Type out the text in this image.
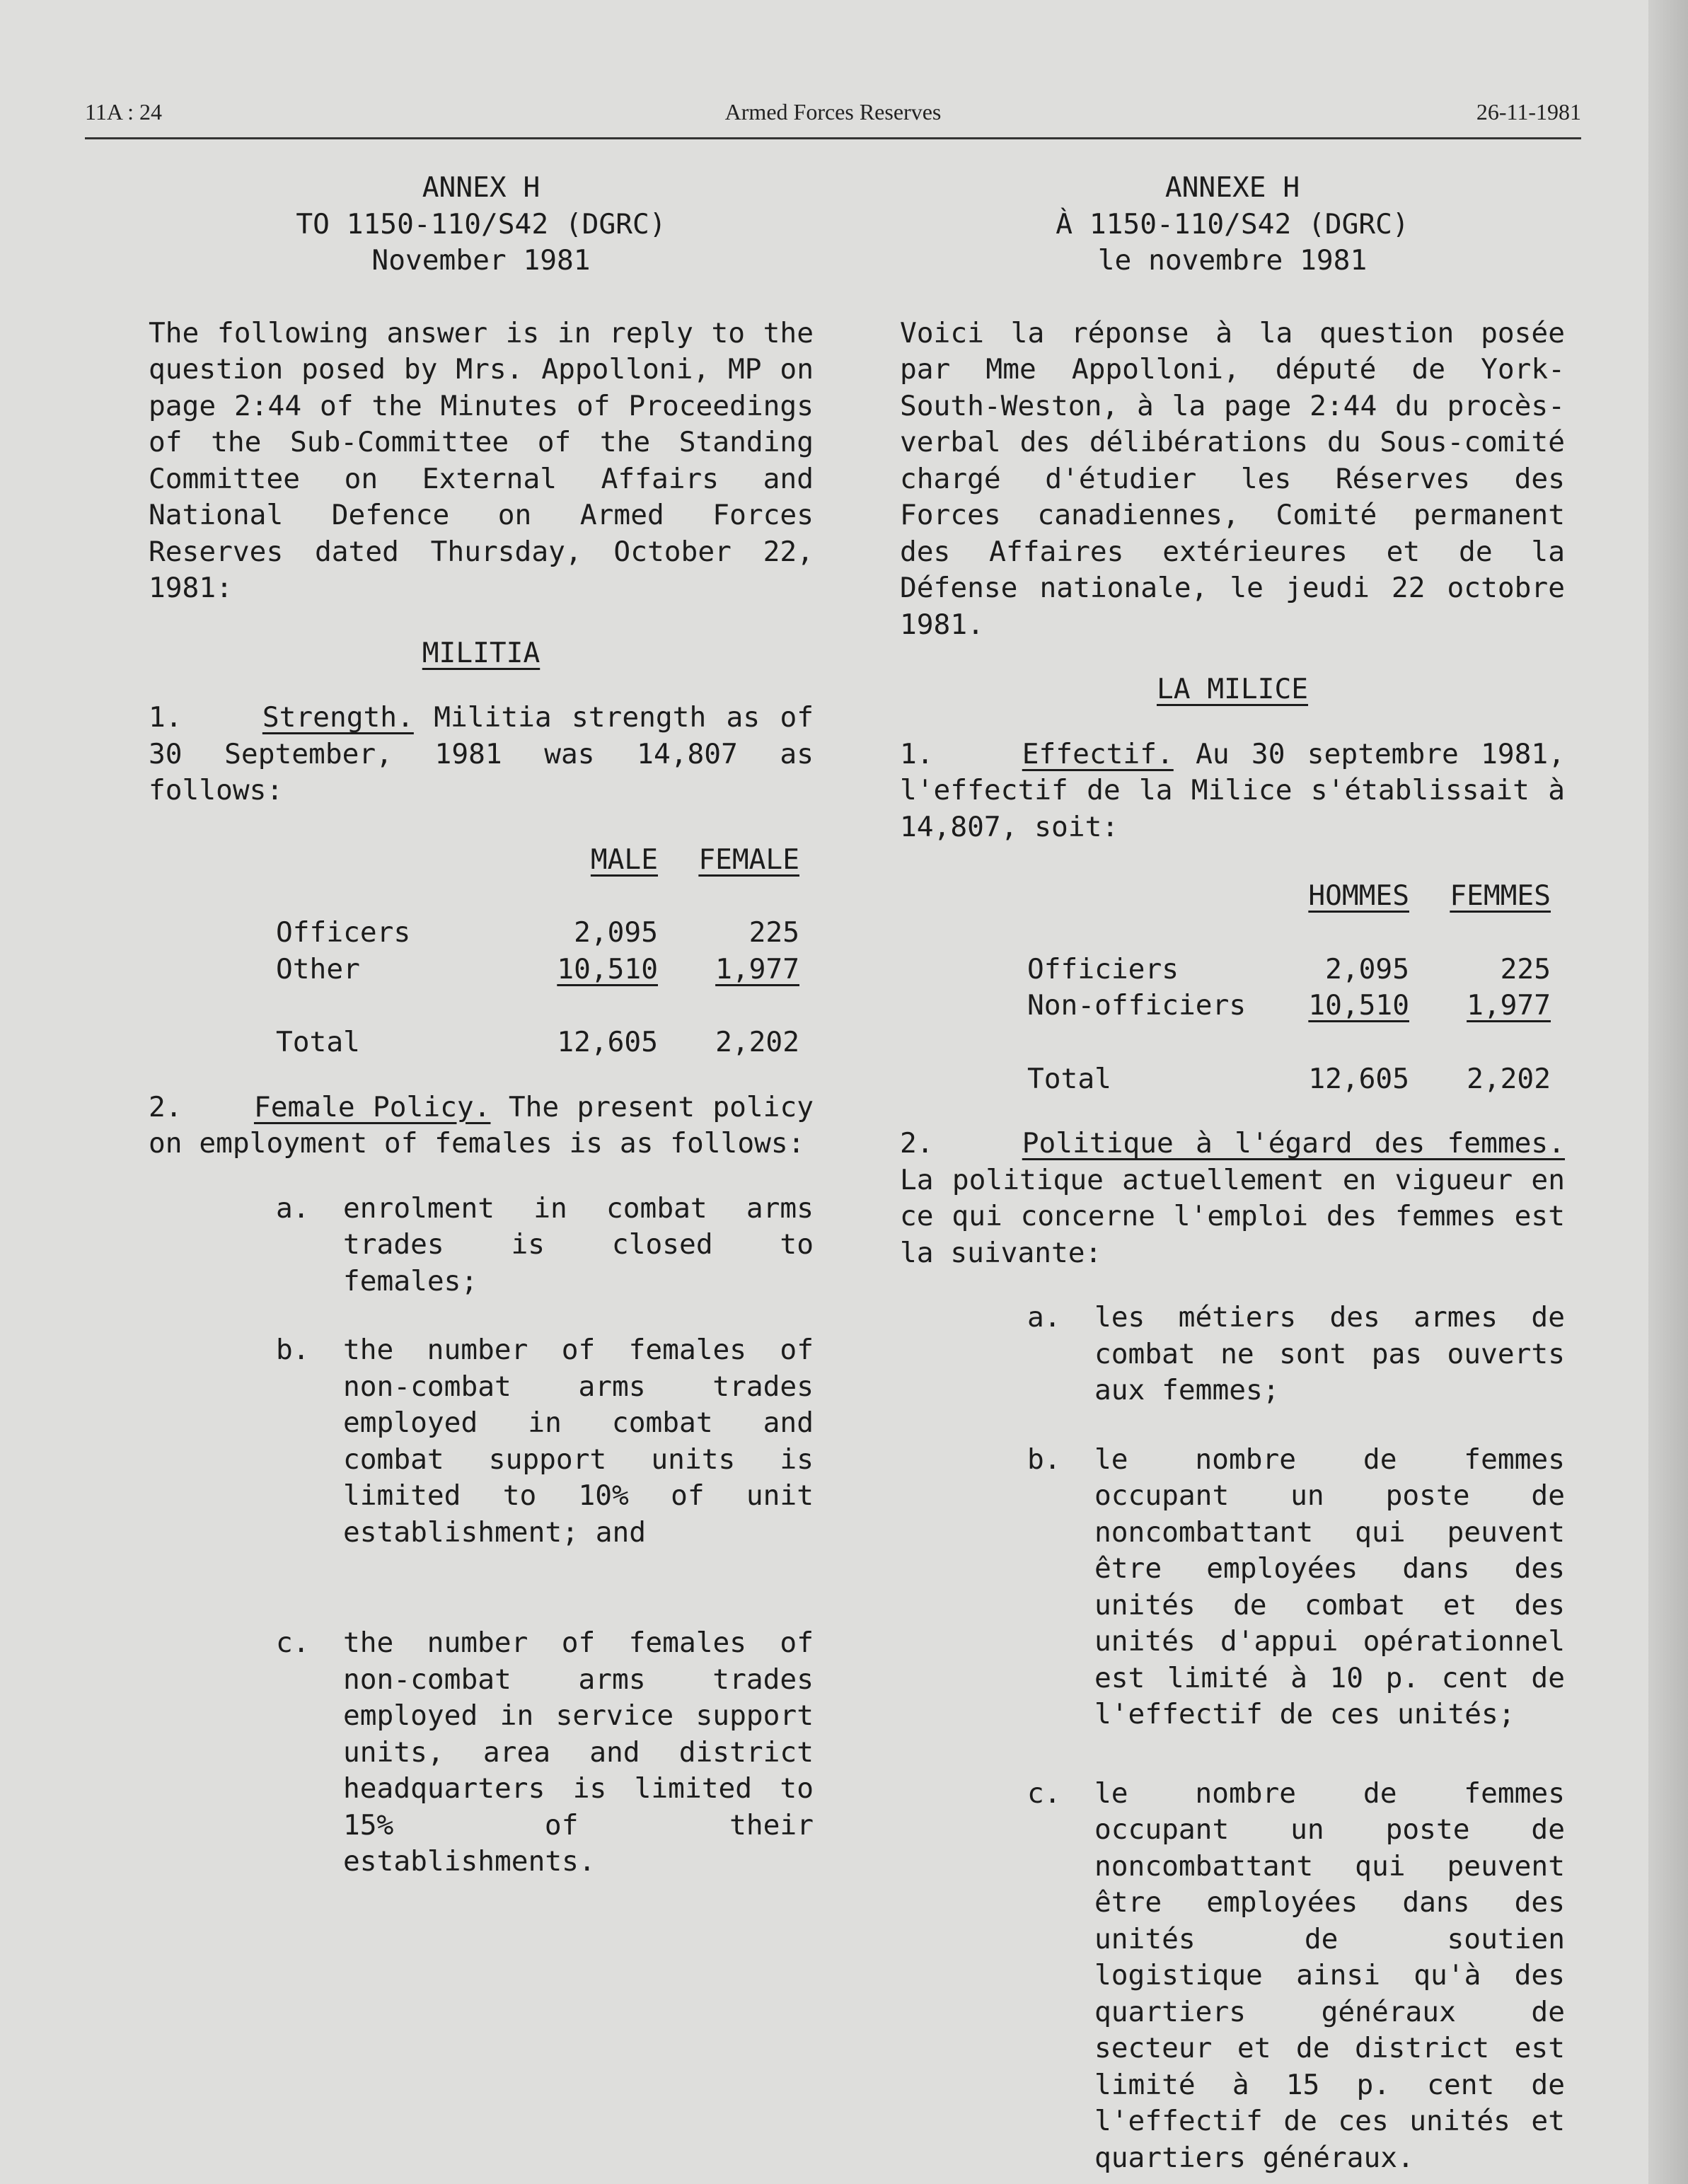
11A : 24	Armed Forces Reserves	26-11-1981
ANNEX H
TO 1150-110/S42 (DGRC)
November 1981

The following answer is in reply to the question posed by Mrs. Appolloni, MP on page 2:44 of the Minutes of Proceedings of the Sub-Committee of the Standing Committee on External Affairs and National Defence on Armed Forces Reserves dated Thursday, October 22, 1981:

MILITIA

1.	Strength. Militia strength as of 30 September, 1981 was 14,807 as follows:

	MALE	FEMALE
Officers	2,095	225
Other	10,510	1,977
Total	12,605	2,202

2.	Female Policy. The present policy on employment of females is as follows:

a.	enrolment in combat arms trades is closed to females;
b.	the number of females of non-combat arms trades employed in combat and combat support units is limited to 10% of unit establishment; and
c.	the number of females of non-combat arms trades employed in service support units, area and district headquarters is limited to 15% of their establishments.
ANNEXE H
À 1150-110/S42 (DGRC)
le novembre 1981

Voici la réponse à la question posée par Mme Appolloni, député de York-South-Weston, à la page 2:44 du procès-verbal des délibérations du Sous-comité chargé d'étudier les Réserves des Forces canadiennes, Comité permanent des Affaires extérieures et de la Défense nationale, le jeudi 22 octobre 1981.

LA MILICE

1.	Effectif. Au 30 septembre 1981, l'effectif de la Milice s'établissait à 14,807, soit:

	HOMMES	FEMMES
Officiers	2,095	225
Non-officiers	10,510	1,977
Total	12,605	2,202

2.	Politique à l'égard des femmes. La politique actuellement en vigueur en ce qui concerne l'emploi des femmes est la suivante:

a.	les métiers des armes de combat ne sont pas ouverts aux femmes;
b.	le nombre de femmes occupant un poste de noncombattant qui peuvent être employées dans des unités de combat et des unités d'appui opérationnel est limité à 10 p. cent de l'effectif de ces unités;
c.	le nombre de femmes occupant un poste de noncombattant qui peuvent être employées dans des unités de soutien logistique ainsi qu'à des quartiers généraux de secteur et de district est limité à 15 p. cent de l'effectif de ces unités et quartiers généraux.
